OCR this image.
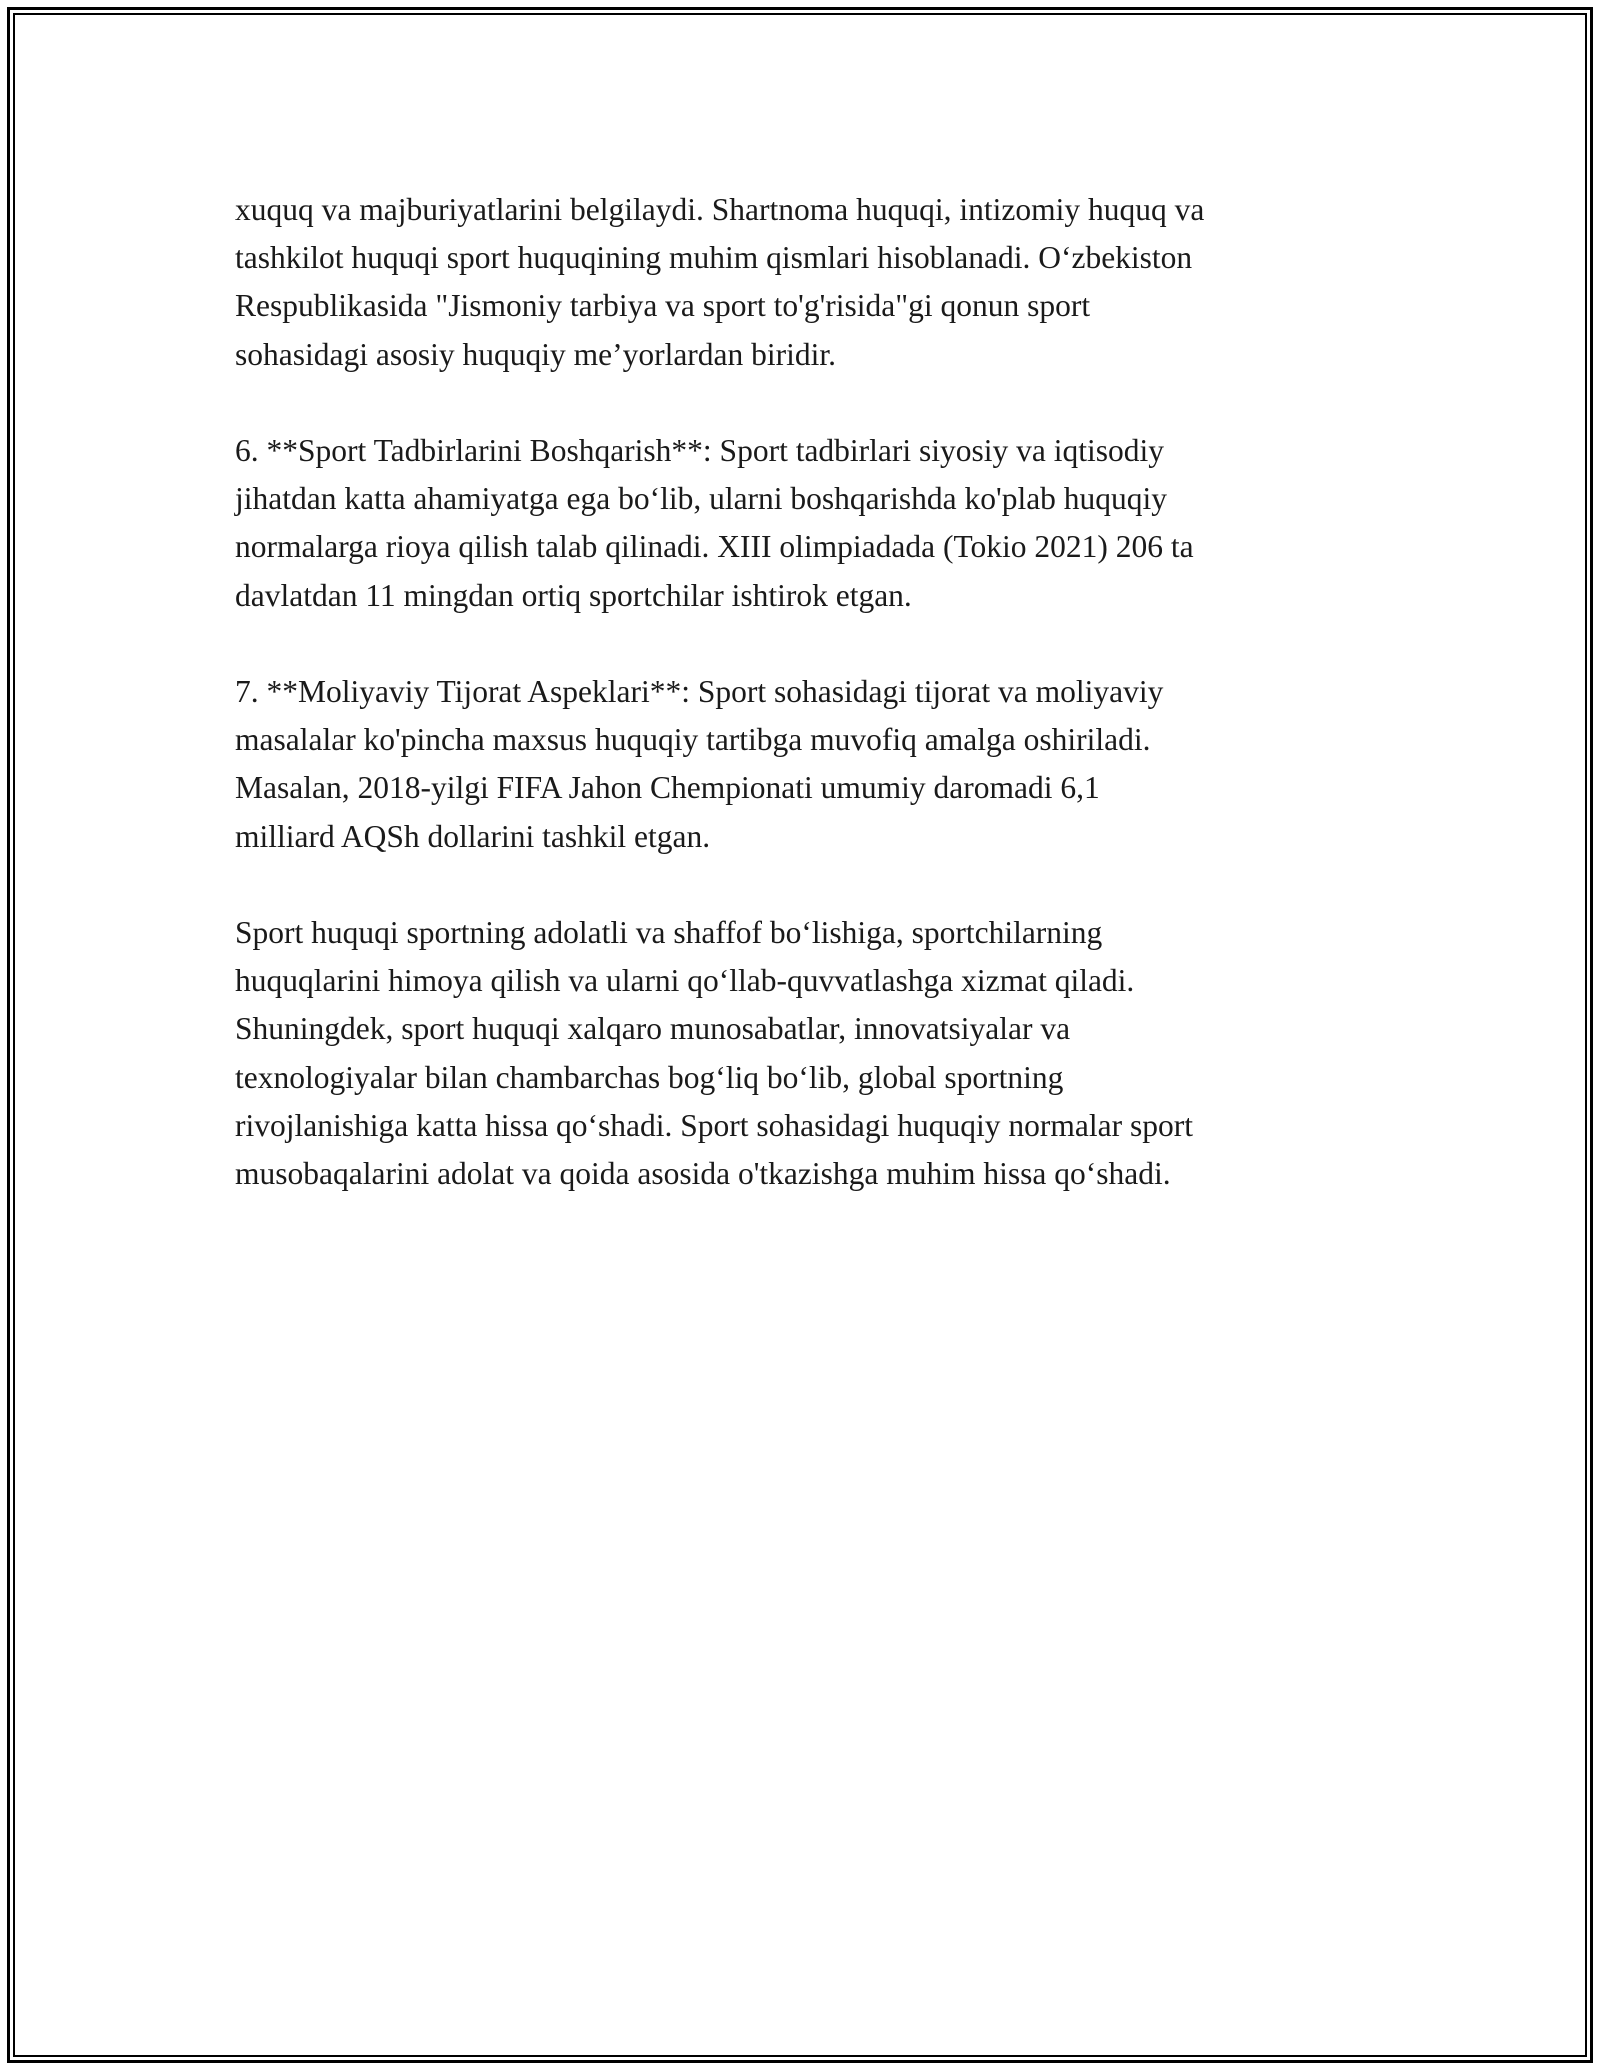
xuquq va majburiyatlarini belgilaydi. Shartnoma huquqi, intizomiy huquq va
tashkilot huquqi sport huquqining muhim qismlari hisoblanadi. O‘zbekiston
Respublikasida "Jismoniy tarbiya va sport to'g'risida"gi qonun sport
sohasidagi asosiy huquqiy me’yorlardan biridir.

6. **Sport Tadbirlarini Boshqarish**: Sport tadbirlari siyosiy va iqtisodiy
jihatdan katta ahamiyatga ega bo‘lib, ularni boshqarishda ko'plab huquqiy
normalarga rioya qilish talab qilinadi. XIII olimpiadada (Tokio 2021) 206 ta
davlatdan 11 mingdan ortiq sportchilar ishtirok etgan.

7. **Moliyaviy Tijorat Aspeklari**: Sport sohasidagi tijorat va moliyaviy
masalalar ko'pincha maxsus huquqiy tartibga muvofiq amalga oshiriladi.
Masalan, 2018-yilgi FIFA Jahon Chempionati umumiy daromadi 6,1
milliard AQSh dollarini tashkil etgan.

Sport huquqi sportning adolatli va shaffof bo‘lishiga, sportchilarning
huquqlarini himoya qilish va ularni qo‘llab-quvvatlashga xizmat qiladi.
Shuningdek, sport huquqi xalqaro munosabatlar, innovatsiyalar va
texnologiyalar bilan chambarchas bog‘liq bo‘lib, global sportning
rivojlanishiga katta hissa qo‘shadi. Sport sohasidagi huquqiy normalar sport
musobaqalarini adolat va qoida asosida o'tkazishga muhim hissa qo‘shadi.
